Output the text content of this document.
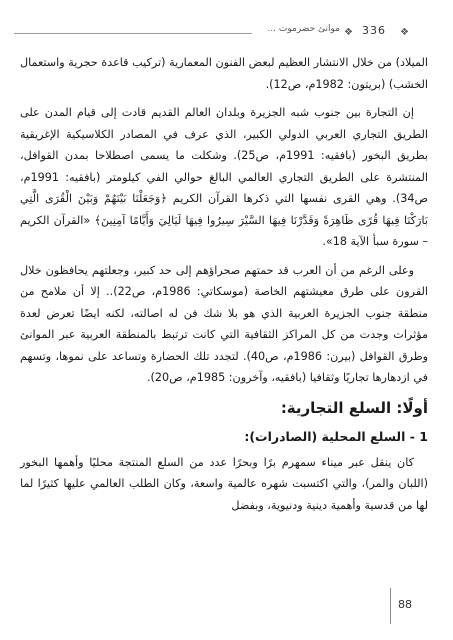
موانئ حضرموت ... ❖ 336	❖

الميلاد) من خلال الانتشار العظيم لبعض الفنون المعمارية (تركيب قاعدة حجرية واستعمال الخشب) (بريتون: 1982م، ص12).

إن التجارة بين جنوب شبه الجزيرة وبلدان العالم القديم قادت إلى قيام المدن على الطريق التجاري العربي الدولي الكبير، الذي عرف في المصادر الكلاسيكية الإغريقية بطريق البخور (بافقيه: 1991م، ص25). وشكلت ما يسمى اصطلاحا بمدن القوافل، المنتشرة على الطريق التجاري العالمي البالغ حوالي الفي كيلومتر (بافقيه: 1991م، ص34). وهي القرى نفسها التي ذكرها القرآن الكريم ﴿وَجَعَلْنَا بَيْنَهُمْ وَبَيْنَ الْقُرَى الَّتِي بَارَكْنَا فِيهَا قُرًى ظَاهِرَةً وَقَدَّرْنَا فِيهَا السَّيْرَ سِيرُوا فِيهَا لَيَالِيَ وَأَيَّامًا آمِنِينَ﴾ «القرآن الكريم – سورة سبأ الآية 18».

وعلى الرغم من أن العرب قد حمتهم صحراؤهم إلى حد كبير، وجعلتهم يحافظون خلال القرون على طرق معيشتهم الخاصة (موسكاتي: 1986م، ص22).. إلا أن ملامح من منطقة جنوب الجزيرة العربية الذي هو بلا شك فن له اصالته، لكنه ايضًا تعرض لعدة مؤثرات وجدت من كل المراكز الثقافية التي كانت ترتبط بالمنطقة العربية عبر الموانئ وطرق القوافل (بيرن: 1986م، ص40). لتجدد تلك الحضارة وتساعد على نموها، وتسهم في ازدهارها تجاريًا وثقافيا (بافقيه، وآخرون: 1985م، ص20).

أولًا: السلع التجارية:
1 - السلع المحلية (الصادرات):

كان ينقل عبر ميناء سمهرم برًا وبحرًا عدد من السلع المنتجة محليًا وأهمها البخور (اللبان والمر)، والتي اكتسبت شهره عالمية واسعة، وكان الطلب العالمي عليها كثيرًا لما لها من قدسية وأهمية دينية ودنيوية، وبفضل

88
